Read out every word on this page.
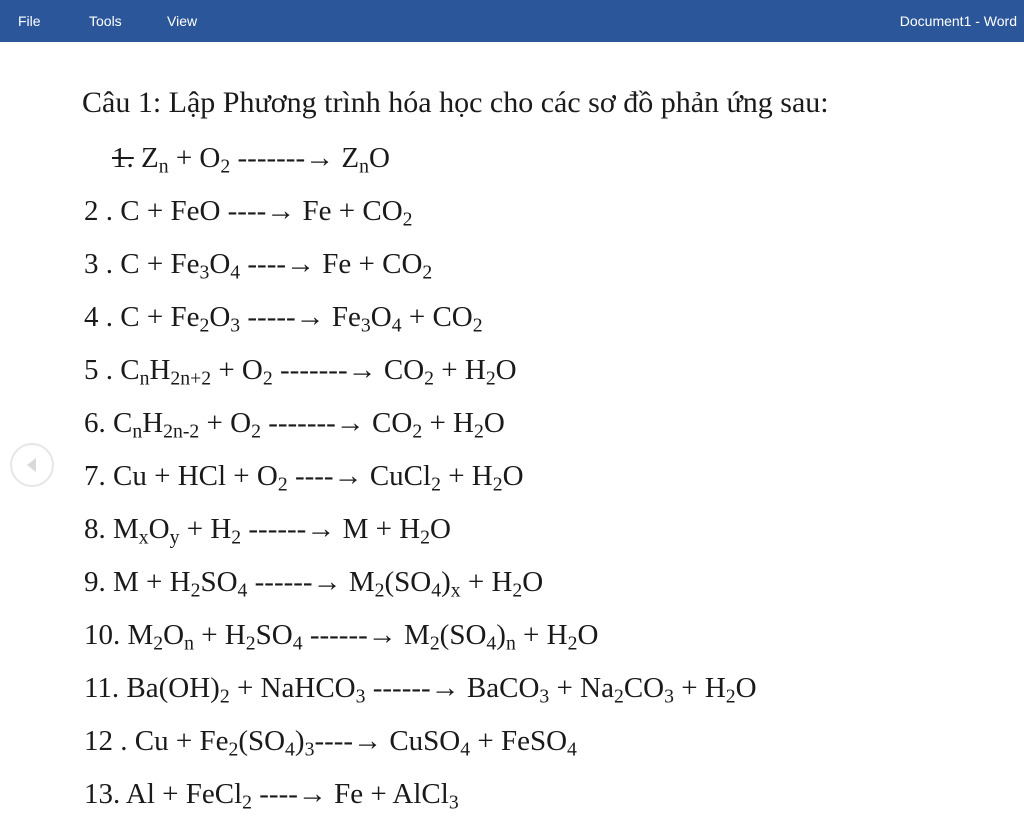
File	Tools	View	Document1 - Word
Câu 1: Lập Phương trình hóa học cho các sơ đồ phản ứng sau:
1. $Z_n + O_2$ -------→ $Z_nO$
2 . C + FeO ----→ $Fe + CO_2$
3 . $C + Fe_3O_4$ ----→ $Fe + CO_2$
4 . $C + Fe_2O_3$ -----→ $Fe_3O_4 + CO_2$
5 . $C_nH_{2n+2} + O_2$ -------→ $CO_2 + H_2O$
6. $C_nH_{2n-2} + O_2$ -------→ $CO_2 + H_2O$
7. Cu + HCl + $O_2$ ----→ CuCl$_2$ + $H_2O$
8. $M_xO_y + H_2$ ------→ $M + H_2O$
9. $M + H_2SO_4$ ------→ $M_2(SO_4)_x + H_2O$
10. $M_2O_n + H_2SO_4$ ------→ $M_2(SO_4)_n + H_2O$
11. $Ba(OH)_2$ + NaHCO$_3$ ------→ BaCO$_3$ + $Na_2CO_3 + H_2O$
12 . $Cu + Fe_2(SO_4)_3----\to$ CuSO$_4$ + FeSO$_4$
13. Al + FeCl$_2$ ----→ Fe + AlCl$_3$
